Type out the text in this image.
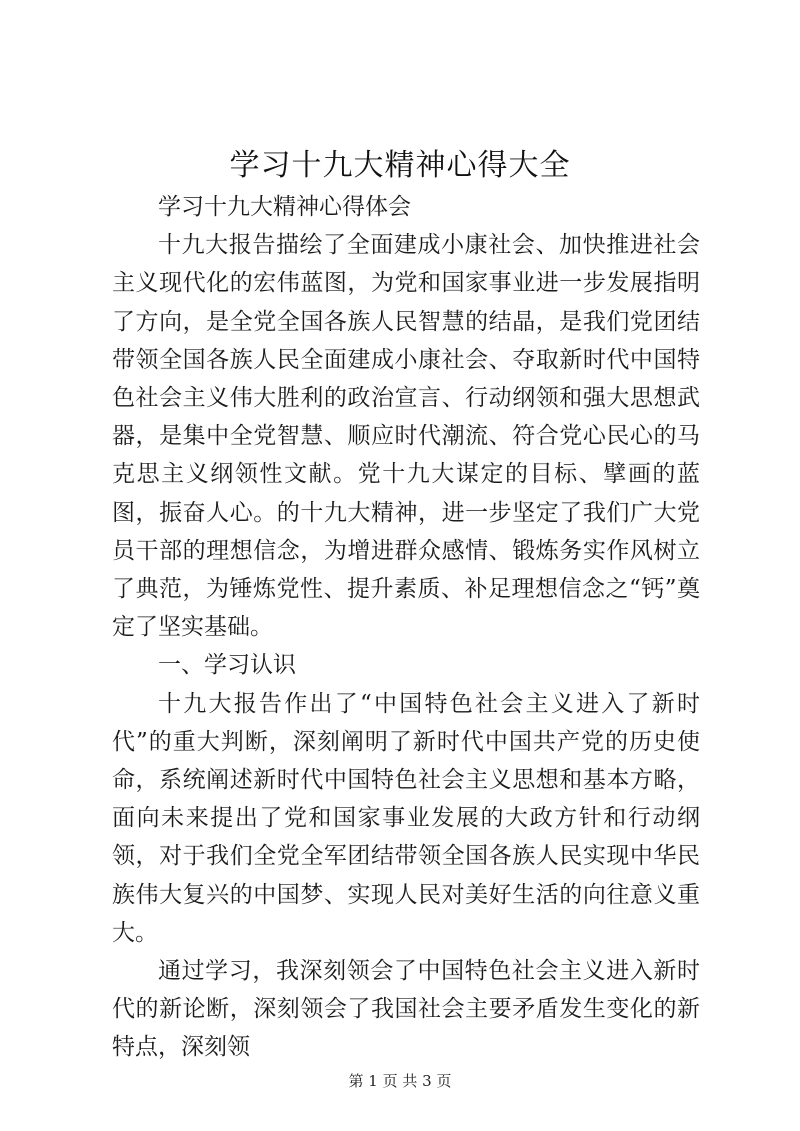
学习十九大精神心得大全

学习十九大精神心得体会

十九大报告描绘了全面建成小康社会、加快推进社会主义现代化的宏伟蓝图，为党和国家事业进一步发展指明了方向，是全党全国各族人民智慧的结晶，是我们党团结带领全国各族人民全面建成小康社会、夺取新时代中国特色社会主义伟大胜利的政治宣言、行动纲领和强大思想武器，是集中全党智慧、顺应时代潮流、符合党心民心的马克思主义纲领性文献。党十九大谋定的目标、擘画的蓝图，振奋人心。的十九大精神，进一步坚定了我们广大党员干部的理想信念，为增进群众感情、锻炼务实作风树立了典范，为锤炼党性、提升素质、补足理想信念之“钙”奠定了坚实基础。

一、学习认识

十九大报告作出了“中国特色社会主义进入了新时代”的重大判断，深刻阐明了新时代中国共产党的历史使命，系统阐述新时代中国特色社会主义思想和基本方略，面向未来提出了党和国家事业发展的大政方针和行动纲领，对于我们全党全军团结带领全国各族人民实现中华民族伟大复兴的中国梦、实现人民对美好生活的向往意义重大。

通过学习，我深刻领会了中国特色社会主义进入新时代的新论断，深刻领会了我国社会主要矛盾发生变化的新特点，深刻领

第 1 页 共 3 页
